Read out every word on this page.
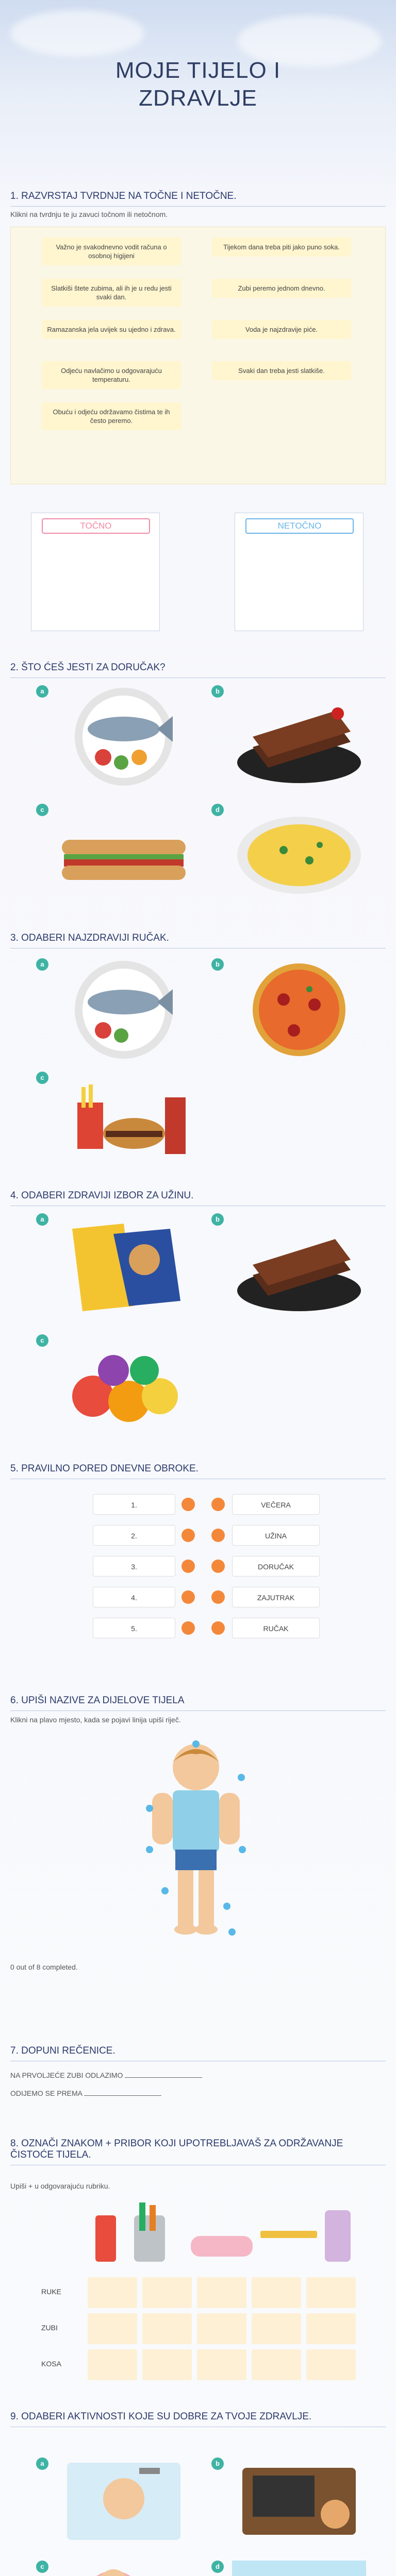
MOJE TIJELO I
ZDRAVLJE
1. RAZVRSTAJ TVRDNJE NA TOČNE I NETOČNE.
Klikni na tvrdnju te ju zavuci točnom ili netočnom.
Važno je svakodnevno vodit računa o osobnoj higijeni
Tijekom dana treba piti jako puno soka.
Slatkiši štete zubima, ali ih je u redu jesti svaki dan.
Zubi peremo jednom dnevno.
Ramazanska jela uvijek su ujedno i zdrava.	Voda je najzdravije piće.
Odjeću navlačimo u odgovarajuću temperaturu.
Svaki dan treba jesti slatkiše.
Obuću i odjeću održavamo čistima te ih često peremo.
TOČNO	NETOČNO
2. ŠTO ĆEŠ JESTI ZA DORUČAK?
a	b
c	d
3. ODABERI NAJZDRAVIJI RUČAK.
a	b
c
4. ODABERI ZDRAVIJI IZBOR ZA UŽINU.
a	b
c
5. PRAVILNO PORED DNEVNE OBROKE.
1.	VEČERA
2.	UŽINA
3.	DORUČAK
4.	ZAJUTRAK
5.	RUČAK
6. UPIŠI NAZIVE ZA DIJELOVE TIJELA
Klikni na plavo mjesto, kada se pojavi linija upiši riječ.
0 out of 8 completed.
7. DOPUNI REČENICE.
NA PRVOLJEĆE ZUBI ODLAZIMO
ODIJEMO SE PREMA
8. OZNAČI ZNAKOM + PRIBOR KOJI UPOTREBLJAVAŠ ZA ODRŽAVANJE ČISTOĆE TIJELA.
Upiši + u odgovarajuću rubriku.
RUKE
ZUBI
KOSA
9. ODABERI AKTIVNOSTI KOJE SU DOBRE ZA TVOJE ZDRAVLJE.
a	b
c	d
